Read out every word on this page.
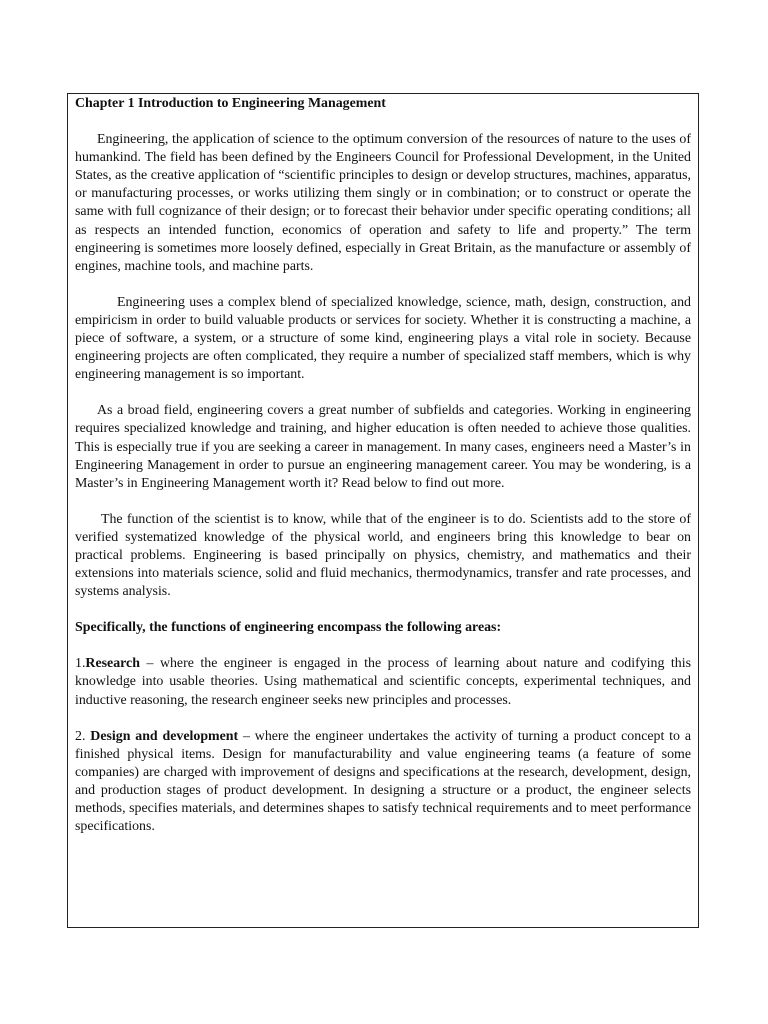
Chapter 1 Introduction to Engineering Management

Engineering, the application of science to the optimum conversion of the resources of nature to the uses of humankind. The field has been defined by the Engineers Council for Professional Development, in the United States, as the creative application of “scientific principles to design or develop structures, machines, apparatus, or manufacturing processes, or works utilizing them singly or in combination; or to construct or operate the same with full cognizance of their design; or to forecast their behavior under specific operating conditions; all as respects an intended function, economics of operation and safety to life and property.” The term engineering is sometimes more loosely defined, especially in Great Britain, as the manufacture or assembly of engines, machine tools, and machine parts.

Engineering uses a complex blend of specialized knowledge, science, math, design, construction, and empiricism in order to build valuable products or services for society. Whether it is constructing a machine, a piece of software, a system, or a structure of some kind, engineering plays a vital role in society. Because engineering projects are often complicated, they require a number of specialized staff members, which is why engineering management is so important.

As a broad field, engineering covers a great number of subfields and categories. Working in engineering requires specialized knowledge and training, and higher education is often needed to achieve those qualities. This is especially true if you are seeking a career in management. In many cases, engineers need a Master’s in Engineering Management in order to pursue an engineering management career. You may be wondering, is a Master’s in Engineering Management worth it? Read below to find out more.

The function of the scientist is to know, while that of the engineer is to do. Scientists add to the store of verified systematized knowledge of the physical world, and engineers bring this knowledge to bear on practical problems. Engineering is based principally on physics, chemistry, and mathematics and their extensions into materials science, solid and fluid mechanics, thermodynamics, transfer and rate processes, and systems analysis.

Specifically, the functions of engineering encompass the following areas:

1.Research – where the engineer is engaged in the process of learning about nature and codifying this knowledge into usable theories. Using mathematical and scientific concepts, experimental techniques, and inductive reasoning, the research engineer seeks new principles and processes.

2. Design and development – where the engineer undertakes the activity of turning a product concept to a finished physical items. Design for manufacturability and value engineering teams (a feature of some companies) are charged with improvement of designs and specifications at the research, development, design, and production stages of product development. In designing a structure or a product, the engineer selects methods, specifies materials, and determines shapes to satisfy technical requirements and to meet performance specifications.
